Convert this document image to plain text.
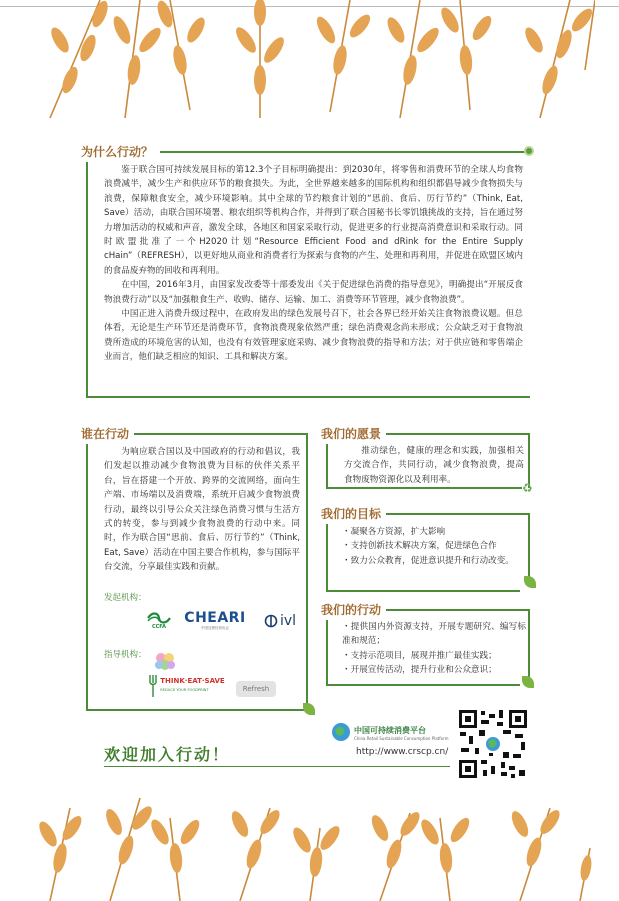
为什么行动？

鉴于联合国可持续发展目标的第12.3个子目标明确提出：到2030年，将零售和消费环节的全球人均食物浪费减半，减少生产和供应环节的粮食损失。为此，全世界越来越多的国际机构和组织都倡导减少食物损失与浪费，保障粮食安全，减少环境影响。其中全球的节约粮食计划的“思前、食后、厉行节约”（Think, Eat, Save）活动，由联合国环境署、粮农组织等机构合作，并得到了联合国秘书长零饥饿挑战的支持，旨在通过努力增加活动的权威和声音，激发全球，各地区和国家采取行动，促进更多的行业提高消费意识和采取行动。同时欧盟批准了一个H2020计划“Resource Efficient Food and dRink for the Entire Supply cHain”（REFRESH），以更好地从商业和消费者行为探索与食物的产生、处理和再利用，并促进在欧盟区域内的食品废弃物的回收和再利用。

在中国，2016年3月，由国家发改委等十部委发出《关于促进绿色消费的指导意见》，明确提出“开展反食物浪费行动”以及“加强粮食生产、收购、储存、运输、加工、消费等环节管理，减少食物浪费”。

中国正进入消费升级过程中，在政府发出的绿色发展号召下，社会各界已经开始关注食物浪费议题。但总体看，无论是生产环节还是消费环节，食物浪费现象依然严重；绿色消费观念尚未形成；公众缺乏对于食物浪费所造成的环境危害的认知，也没有有效管理家庭采购、减少食物浪费的指导和方法；对于供应链和零售端企业而言，他们缺乏相应的知识、工具和解决方案。

谁在行动

为响应联合国以及中国政府的行动和倡议，我们发起以推动减少食物浪费为目标的伙伴关系平台，旨在搭建一个开放、跨界的交流网络，面向生产端、市场端以及消费端，系统开启减少食物浪费行动，最终以引导公众关注绿色消费习惯与生活方式的转变，参与到减少食物浪费的行动中来。同时，作为联合国“思前、食后、厉行节约”（Think, Eat, Save）活动在中国主要合作机构，参与国际平台交流，分享最佳实践和贡献。

发起机构：
指导机构：
CCFA
CHEARI
中国连锁经营协会	ivl
THINK·EAT·SAVE
REDUCE YOUR FOODPRINT	Refresh
我们的愿景
♻

推动绿色，健康的理念和实践，加强相关方交流合作，共同行动，减少食物浪费，提高食物废物资源化以及利用率。

我们的目标
・凝聚各方资源，扩大影响
・支持创新技术解决方案，促进绿色合作
・致力公众教育，促进意识提升和行动改变。
我们的行动
・提供国内外资源支持，开展专题研究、编写标准和规范；
・支持示范项目，展现并推广最佳实践；
・开展宣传活动，提升行业和公众意识；
欢迎加入行动！
中国可持续消费平台
China Retail Sustainable Consumption Platform
http://www.crscp.cn/
